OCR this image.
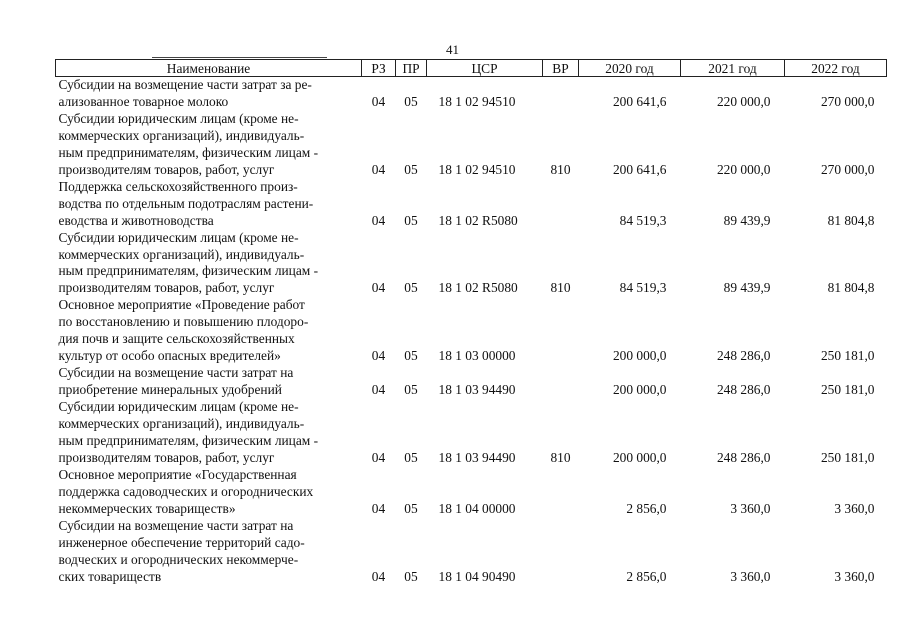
41
Наименование	РЗ	ПР	ЦСР	ВР	2020 год	2021 год	2022 год

Субсидии на возмещение части затрат за ре-
ализованное товарное молоко	04	05	18 1 02 94510		200 641,6	220 000,0	270 000,0

Субсидии юридическим лицам (кроме не-
коммерческих организаций), индивидуаль-
ным предпринимателям, физическим лицам -
производителям товаров, работ, услуг	04	05	18 1 02 94510	810	200 641,6	220 000,0	270 000,0

Поддержка сельскохозяйственного произ-
водства по отдельным подотраслям растени-
еводства и животноводства	04	05	18 1 02 R5080		84 519,3	89 439,9	81 804,8

Субсидии юридическим лицам (кроме не-
коммерческих организаций), индивидуаль-
ным предпринимателям, физическим лицам -
производителям товаров, работ, услуг	04	05	18 1 02 R5080	810	84 519,3	89 439,9	81 804,8

Основное мероприятие «Проведение работ
по восстановлению и повышению плодоро-
дия почв и защите сельскохозяйственных
культур от особо опасных вредителей»	04	05	18 1 03 00000		200 000,0	248 286,0	250 181,0

Субсидии на возмещение части затрат на
приобретение минеральных удобрений	04	05	18 1 03 94490		200 000,0	248 286,0	250 181,0

Субсидии юридическим лицам (кроме не-
коммерческих организаций), индивидуаль-
ным предпринимателям, физическим лицам -
производителям товаров, работ, услуг	04	05	18 1 03 94490	810	200 000,0	248 286,0	250 181,0

Основное мероприятие «Государственная
поддержка садоводческих и огороднических
некоммерческих товариществ»	04	05	18 1 04 00000		2 856,0	3 360,0	3 360,0

Субсидии на возмещение части затрат на
инженерное обеспечение территорий садо-
водческих и огороднических некоммерче-
ских товариществ	04	05	18 1 04 90490		2 856,0	3 360,0	3 360,0
